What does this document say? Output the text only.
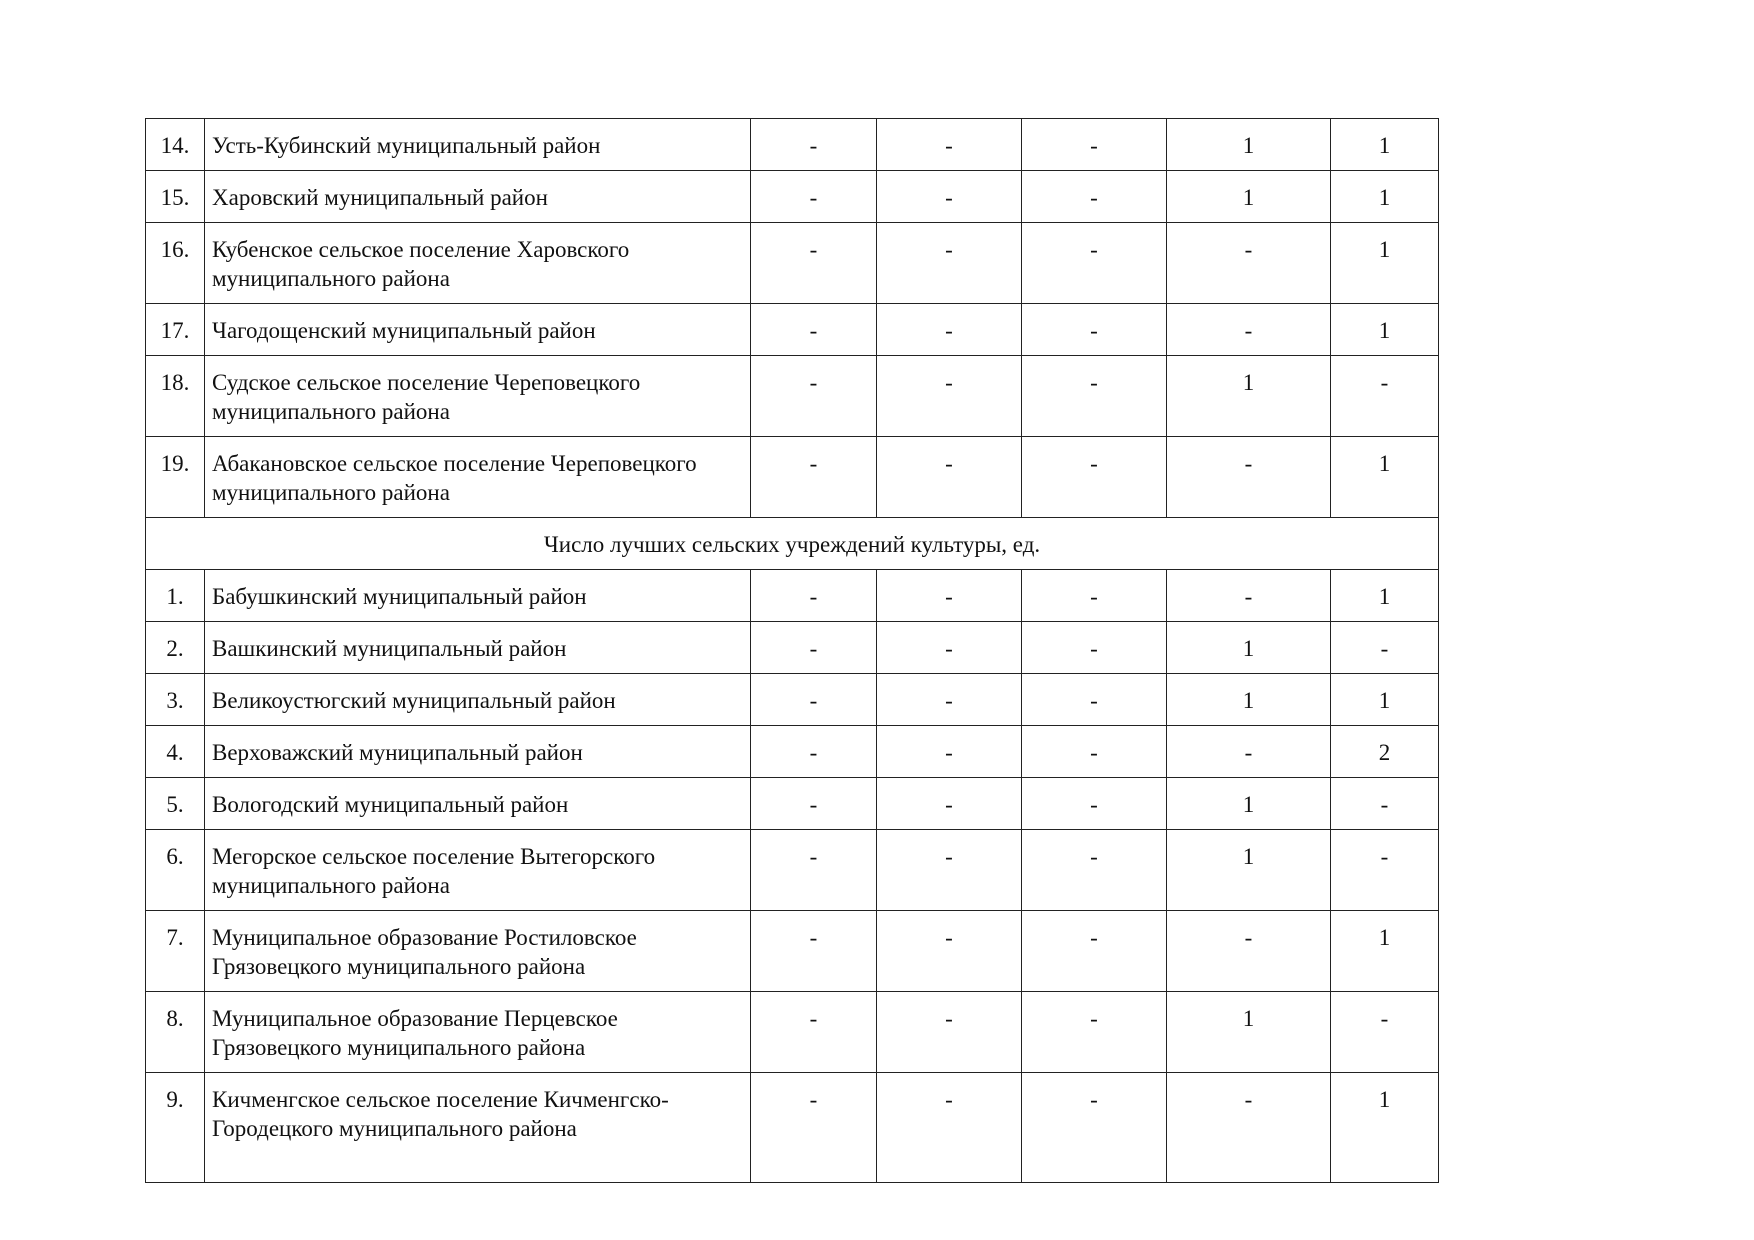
14.	Усть-Кубинский муниципальный район	-	-	-	1	1
15.	Харовский муниципальный район	-	-	-	1	1
16.	Кубенское сельское поселение Харовского муниципального района	-	-	-	-	1
17.	Чагодощенский муниципальный район	-	-	-	-	1
18.	Судское сельское поселение Череповецкого муниципального района	-	-	-	1	-
19.	Абакановское сельское поселение Череповецкого муниципального района	-	-	-	-	1
Число лучших сельских учреждений культуры, ед.						
1.	Бабушкинский муниципальный район	-	-	-	-	1
2.	Вашкинский муниципальный район	-	-	-	1	-
3.	Великоустюгский муниципальный район	-	-	-	1	1
4.	Верховажский муниципальный район	-	-	-	-	2
5.	Вологодский муниципальный район	-	-	-	1	-
6.	Мегорское сельское поселение Вытегорского муниципального района	-	-	-	1	-
7.	Муниципальное образование Ростиловское Грязовецкого муниципального района	-	-	-	-	1
8.	Муниципальное образование Перцевское Грязовецкого муниципального района	-	-	-	1	-
9.	Кичменгское сельское поселение Кичменгско-Городецкого муниципального района	-	-	-	-	1
